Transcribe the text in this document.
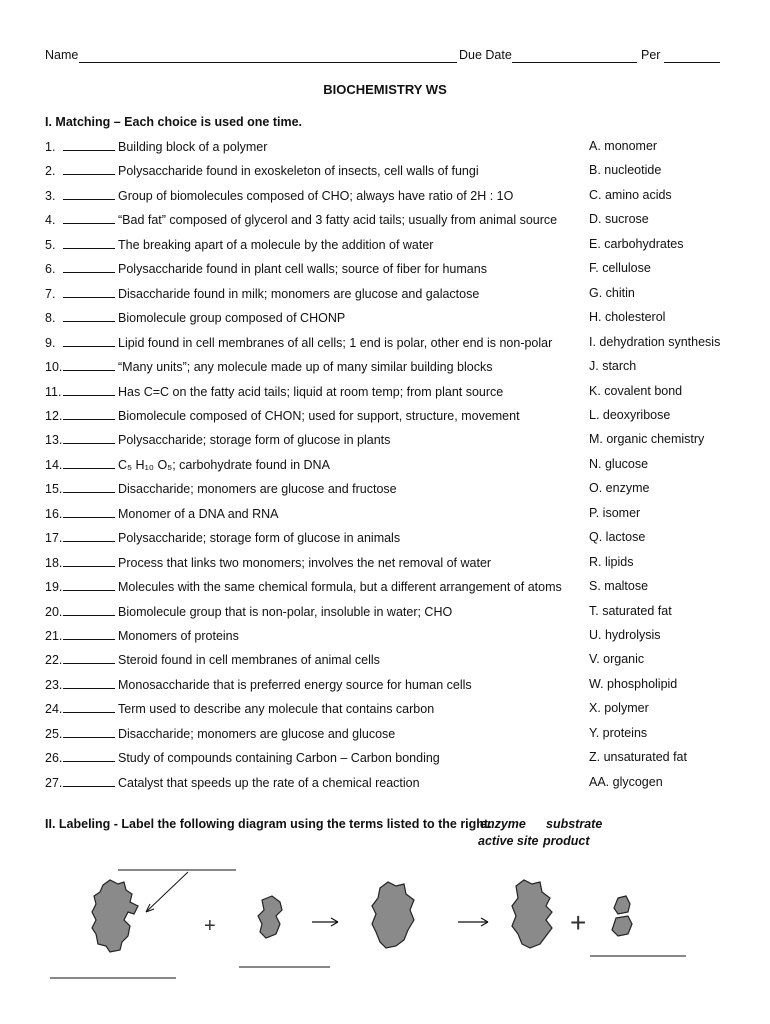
Name	Due Date	Per
BIOCHEMISTRY WS
I. Matching – Each choice is used one time.
1.	Building block of a polymer
2.	Polysaccharide found in exoskeleton of insects, cell walls of fungi
3.	Group of biomolecules composed of CHO; always have ratio of 2H : 1O
4.	“Bad fat” composed of glycerol and 3 fatty acid tails; usually from animal source
5.	The breaking apart of a molecule by the addition of water
6.	Polysaccharide found in plant cell walls; source of fiber for humans
7.	Disaccharide found in milk; monomers are glucose and galactose
8.	Biomolecule group composed of CHONP
9.	Lipid found in cell membranes of all cells; 1 end is polar, other end is non-polar
10.	“Many units”; any molecule made up of many similar building blocks
11.	Has C=C on the fatty acid tails; liquid at room temp; from plant source
12.	Biomolecule composed of CHON; used for support, structure, movement
13.	Polysaccharide; storage form of glucose in plants
14.	C₅ H₁₀ O₅; carbohydrate found in DNA
15.	Disaccharide; monomers are glucose and fructose
16.	Monomer of a DNA and RNA
17.	Polysaccharide; storage form of glucose in animals
18.	Process that links two monomers; involves the net removal of water
19.	Molecules with the same chemical formula, but a different arrangement of atoms
20.	Biomolecule group that is non-polar, insoluble in water; CHO
21.	Monomers of proteins
22.	Steroid found in cell membranes of animal cells
23.	Monosaccharide that is preferred energy source for human cells
24.	Term used to describe any molecule that contains carbon
25.	Disaccharide; monomers are glucose and glucose
26.	Study of compounds containing Carbon – Carbon bonding
27.	Catalyst that speeds up the rate of a chemical reaction
A. monomer
B. nucleotide
C. amino acids
D. sucrose
E. carbohydrates
F. cellulose
G. chitin
H. cholesterol
I. dehydration synthesis
J. starch
K. covalent bond
L. deoxyribose
M. organic chemistry
N. glucose
O. enzyme
P. isomer
Q. lactose
R. lipids
S. maltose
T. saturated fat
U. hydrolysis
V. organic
W. phospholipid
X. polymer
Y. proteins
Z. unsaturated fat
AA. glycogen
II. Labeling - Label the following diagram using the terms listed to the right.
enzyme substrate
active site product
+	+
